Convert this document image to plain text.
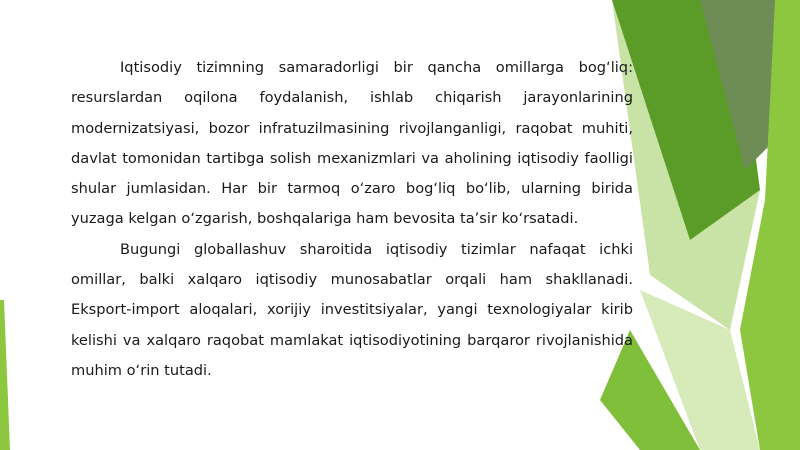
Iqtisodiy tizimning samaradorligi bir qancha omillarga bog‘liq: resurslardan oqilona foydalanish, ishlab chiqarish jarayonlarining modernizatsiyasi, bozor infratuzilmasining rivojlanganligi, raqobat muhiti, davlat tomonidan tartibga solish mexanizmlari va aholining iqtisodiy faolligi shular jumlasidan. Har bir tarmoq o‘zaro bog‘liq bo‘lib, ularning birida yuzaga kelgan o‘zgarish, boshqalariga ham bevosita ta’sir ko‘rsatadi.

Bugungi globallashuv sharoitida iqtisodiy tizimlar nafaqat ichki omillar, balki xalqaro iqtisodiy munosabatlar orqali ham shakllanadi. Eksport-import aloqalari, xorijiy investitsiyalar, yangi texnologiyalar kirib kelishi va xalqaro raqobat mamlakat iqtisodiyotining barqaror rivojlanishida muhim o‘rin tutadi.
